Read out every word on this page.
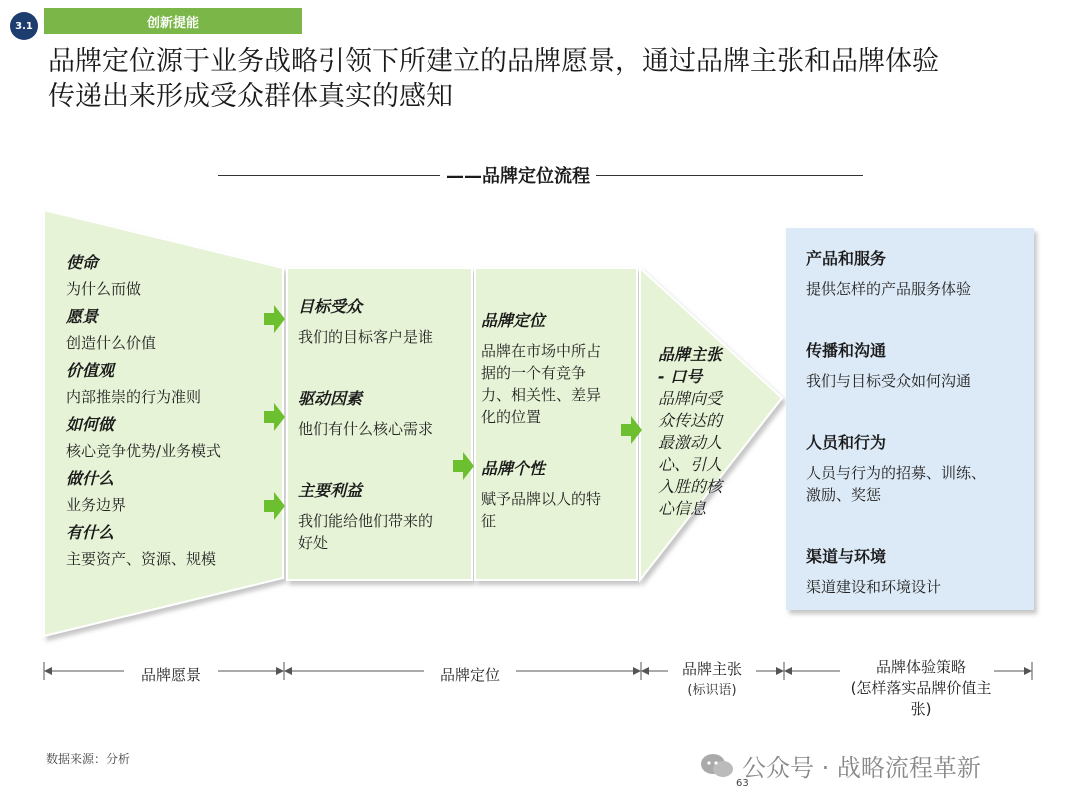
3.1	创新提能
品牌定位源于业务战略引领下所建立的品牌愿景，通过品牌主张和品牌体验
传递出来形成受众群体真实的感知
——品牌定位流程
使命
为什么而做
愿景
创造什么价值
价值观
内部推崇的行为准则
如何做
核心竞争优势/业务模式
做什么
业务边界
有什么
主要资产、资源、规模
目标受众
我们的目标客户是谁
驱动因素
他们有什么核心需求
主要利益
我们能给他们带来的
好处
品牌定位
品牌在市场中所占
据的一个有竞争
力、相关性、差异
化的位置
品牌个性
赋予品牌以人的特
征
品牌主张
- 口号
品牌向受
众传达的
最激动人
心、引人
入胜的核
心信息
产品和服务
提供怎样的产品服务体验
传播和沟通
我们与目标受众如何沟通
人员和行为
人员与行为的招募、训练、
激励、奖惩
渠道与环境
渠道建设和环境设计
品牌愿景	品牌定位	品牌主张
(标识语)
品牌体验策略
(怎样落实品牌价值主
张)
数据来源：分析	公众号 · 战略流程革新
63
